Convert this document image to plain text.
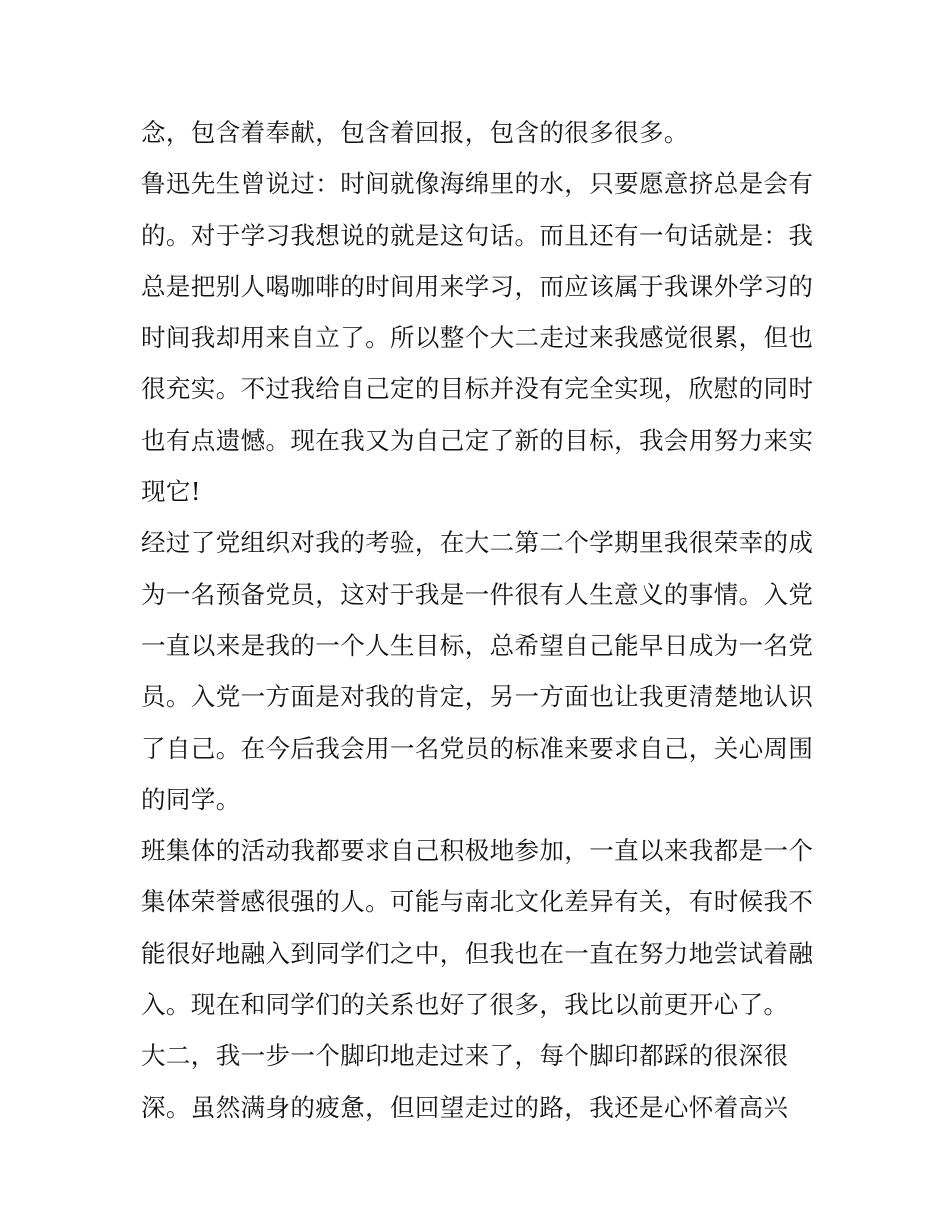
念，包含着奉献，包含着回报，包含的很多很多。
鲁迅先生曾说过：时间就像海绵里的水，只要愿意挤总是会有
的。对于学习我想说的就是这句话。而且还有一句话就是：我
总是把别人喝咖啡的时间用来学习，而应该属于我课外学习的
时间我却用来自立了。所以整个大二走过来我感觉很累，但也
很充实。不过我给自己定的目标并没有完全实现，欣慰的同时
也有点遗憾。现在我又为自己定了新的目标，我会用努力来实
现它!
经过了党组织对我的考验，在大二第二个学期里我很荣幸的成
为一名预备党员，这对于我是一件很有人生意义的事情。入党
一直以来是我的一个人生目标，总希望自己能早日成为一名党
员。入党一方面是对我的肯定，另一方面也让我更清楚地认识
了自己。在今后我会用一名党员的标准来要求自己，关心周围
的同学。
班集体的活动我都要求自己积极地参加，一直以来我都是一个
集体荣誉感很强的人。可能与南北文化差异有关，有时候我不
能很好地融入到同学们之中，但我也在一直在努力地尝试着融
入。现在和同学们的关系也好了很多，我比以前更开心了。
大二，我一步一个脚印地走过来了，每个脚印都踩的很深很
深。虽然满身的疲惫，但回望走过的路，我还是心怀着高兴
